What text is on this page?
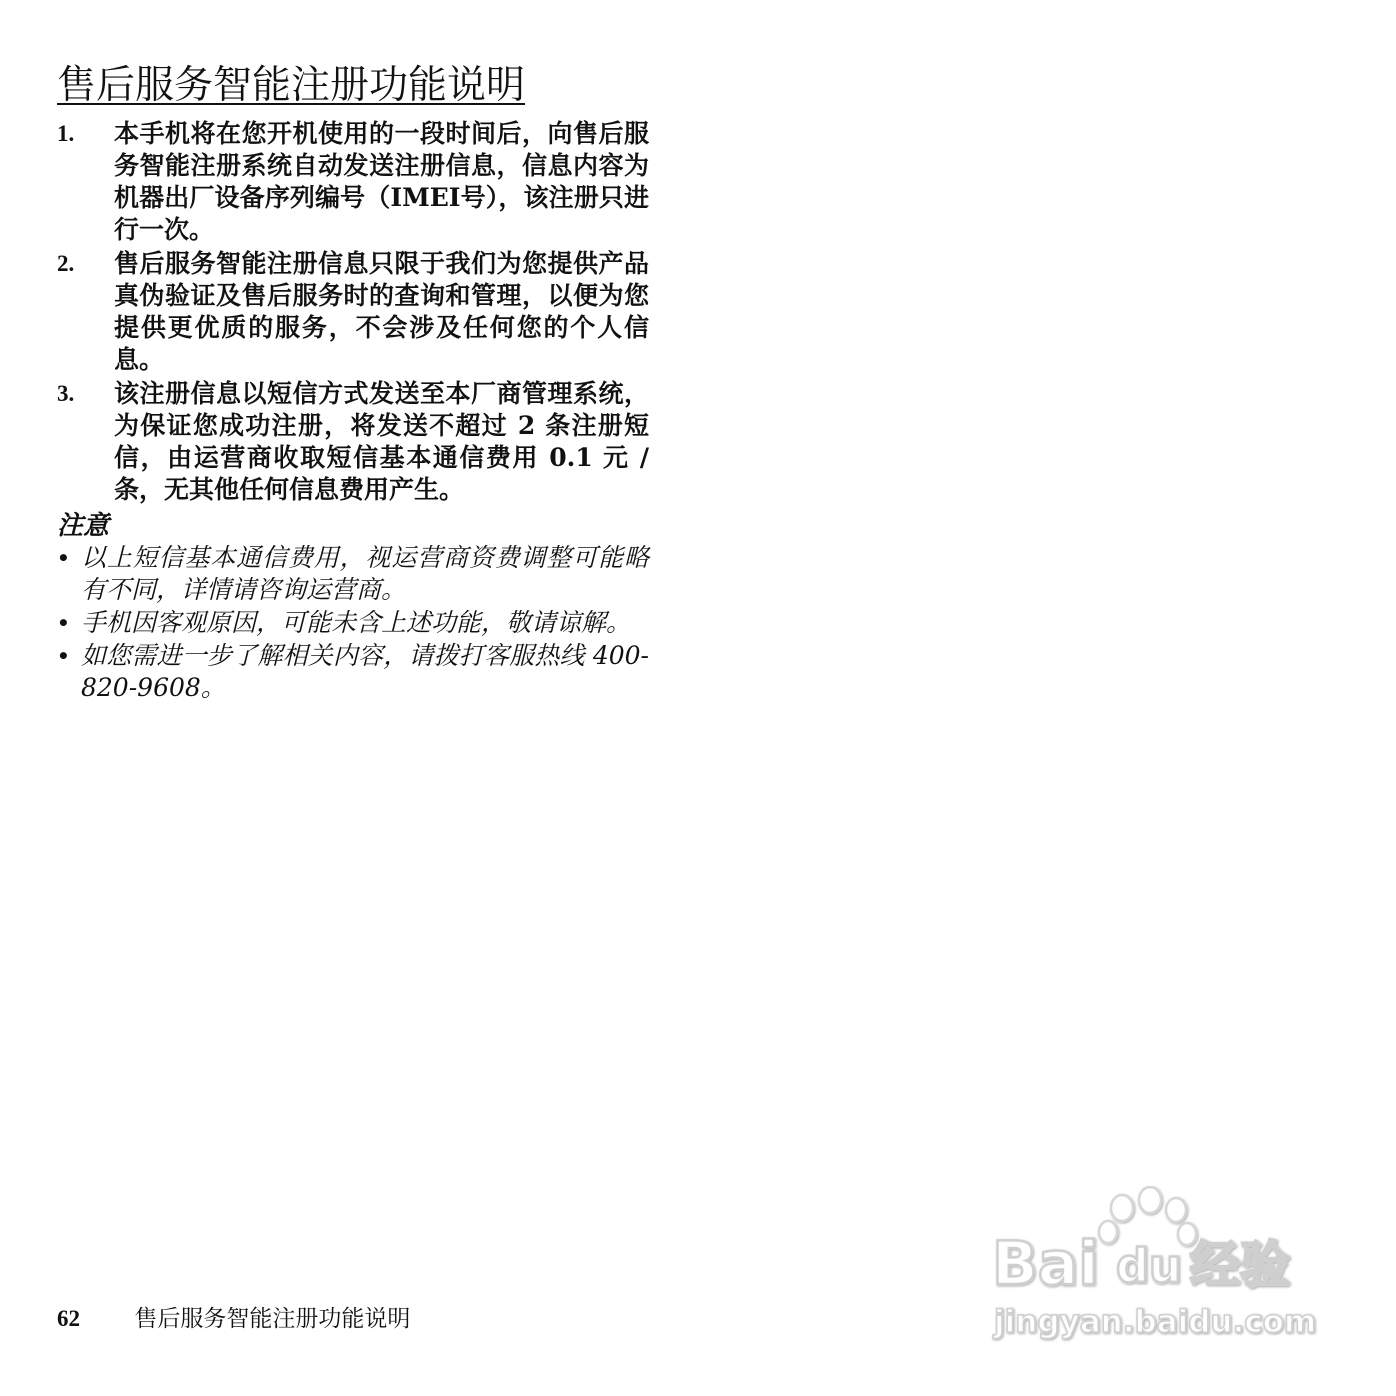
售后服务智能注册功能说明
1.	本手机将在您开机使用的一段时间后，向售后服务智能注册系统自动发送注册信息，信息内容为机器出厂设备序列编号（IMEI号），该注册只进行一次。
2.	售后服务智能注册信息只限于我们为您提供产品真伪验证及售后服务时的查询和管理，以便为您提供更优质的服务，不会涉及任何您的个人信息。
3.	该注册信息以短信方式发送至本厂商管理系统，为保证您成功注册，将发送不超过 2 条注册短信，由运营商收取短信基本通信费用 0.1 元 / 条，无其他任何信息费用产生。
注意
• 以上短信基本通信费用，视运营商资费调整可能略有不同，详情请咨询运营商。
• 手机因客观原因，可能未含上述功能，敬请谅解。
• 如您需进一步了解相关内容，请拨打客服热线 400-820-9608。
62 售后服务智能注册功能说明
Bai du 经验
jingyan.baidu.com
